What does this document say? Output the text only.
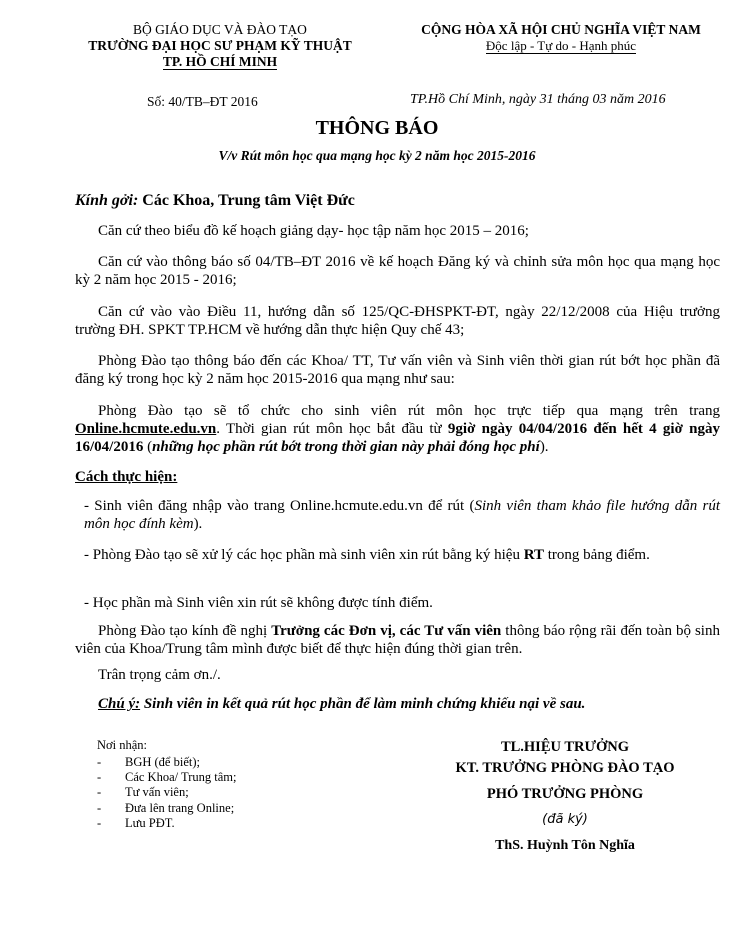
BỘ GIÁO DỤC VÀ ĐÀO TẠO
TRƯỜNG ĐẠI HỌC SƯ PHẠM KỸ THUẬT
TP. HỒ CHÍ MINH
CỘNG HÒA XÃ HỘI CHỦ NGHĨA VIỆT NAM
Độc lập - Tự do - Hạnh phúc
Số: 40/TB–ĐT 2016	TP.Hồ Chí Minh, ngày 31 tháng 03 năm 2016
THÔNG BÁO
V/v Rút môn học qua mạng học kỳ 2 năm học 2015-2016
Kính gởi: Các Khoa, Trung tâm Việt Đức
Căn cứ theo biểu đồ kế hoạch giảng dạy- học tập năm học 2015 – 2016;
Căn cứ vào thông báo số 04/TB–ĐT 2016 về kế hoạch Đăng ký và chỉnh sửa môn học qua mạng học kỳ 2 năm học 2015 - 2016;
Căn cứ vào vào Điều 11, hướng dẫn số 125/QC-ĐHSPKT-ĐT, ngày 22/12/2008 của Hiệu trưởng trường ĐH. SPKT TP.HCM về hướng dẫn thực hiện Quy chế 43;
Phòng Đào tạo thông báo đến các Khoa/ TT, Tư vấn viên và Sinh viên thời gian rút bớt học phần đã đăng ký trong học kỳ 2 năm học 2015-2016 qua mạng như sau:
Phòng Đào tạo sẽ tổ chức cho sinh viên rút môn học trực tiếp qua mạng trên trang Online.hcmute.edu.vn. Thời gian rút môn học bắt đầu từ 9giờ ngày 04/04/2016 đến hết 4 giờ ngày 16/04/2016 (những học phần rút bớt trong thời gian này phải đóng học phí).
Cách thực hiện:
- Sinh viên đăng nhập vào trang Online.hcmute.edu.vn để rút (Sinh viên tham khảo file hướng dẫn rút môn học đính kèm).
- Phòng Đào tạo sẽ xử lý các học phần mà sinh viên xin rút bằng ký hiệu RT trong bảng điểm.
- Học phần mà Sinh viên xin rút sẽ không được tính điểm.
Phòng Đào tạo kính đề nghị Trưởng các Đơn vị, các Tư vấn viên thông báo rộng rãi đến toàn bộ sinh viên của Khoa/Trung tâm mình được biết để thực hiện đúng thời gian trên.
Trân trọng cảm ơn./.
Chú ý: Sinh viên in kết quả rút học phần để làm minh chứng khiếu nại về sau.
Nơi nhận:
- BGH (để biết);
- Các Khoa/ Trung tâm;
- Tư vấn viên;
- Đưa lên trang Online;
- Lưu PĐT.
TL.HIỆU TRƯỞNG
KT. TRƯỞNG PHÒNG ĐÀO TẠO
PHÓ TRƯỞNG PHÒNG
(đã ký)
ThS. Huỳnh Tôn Nghĩa
